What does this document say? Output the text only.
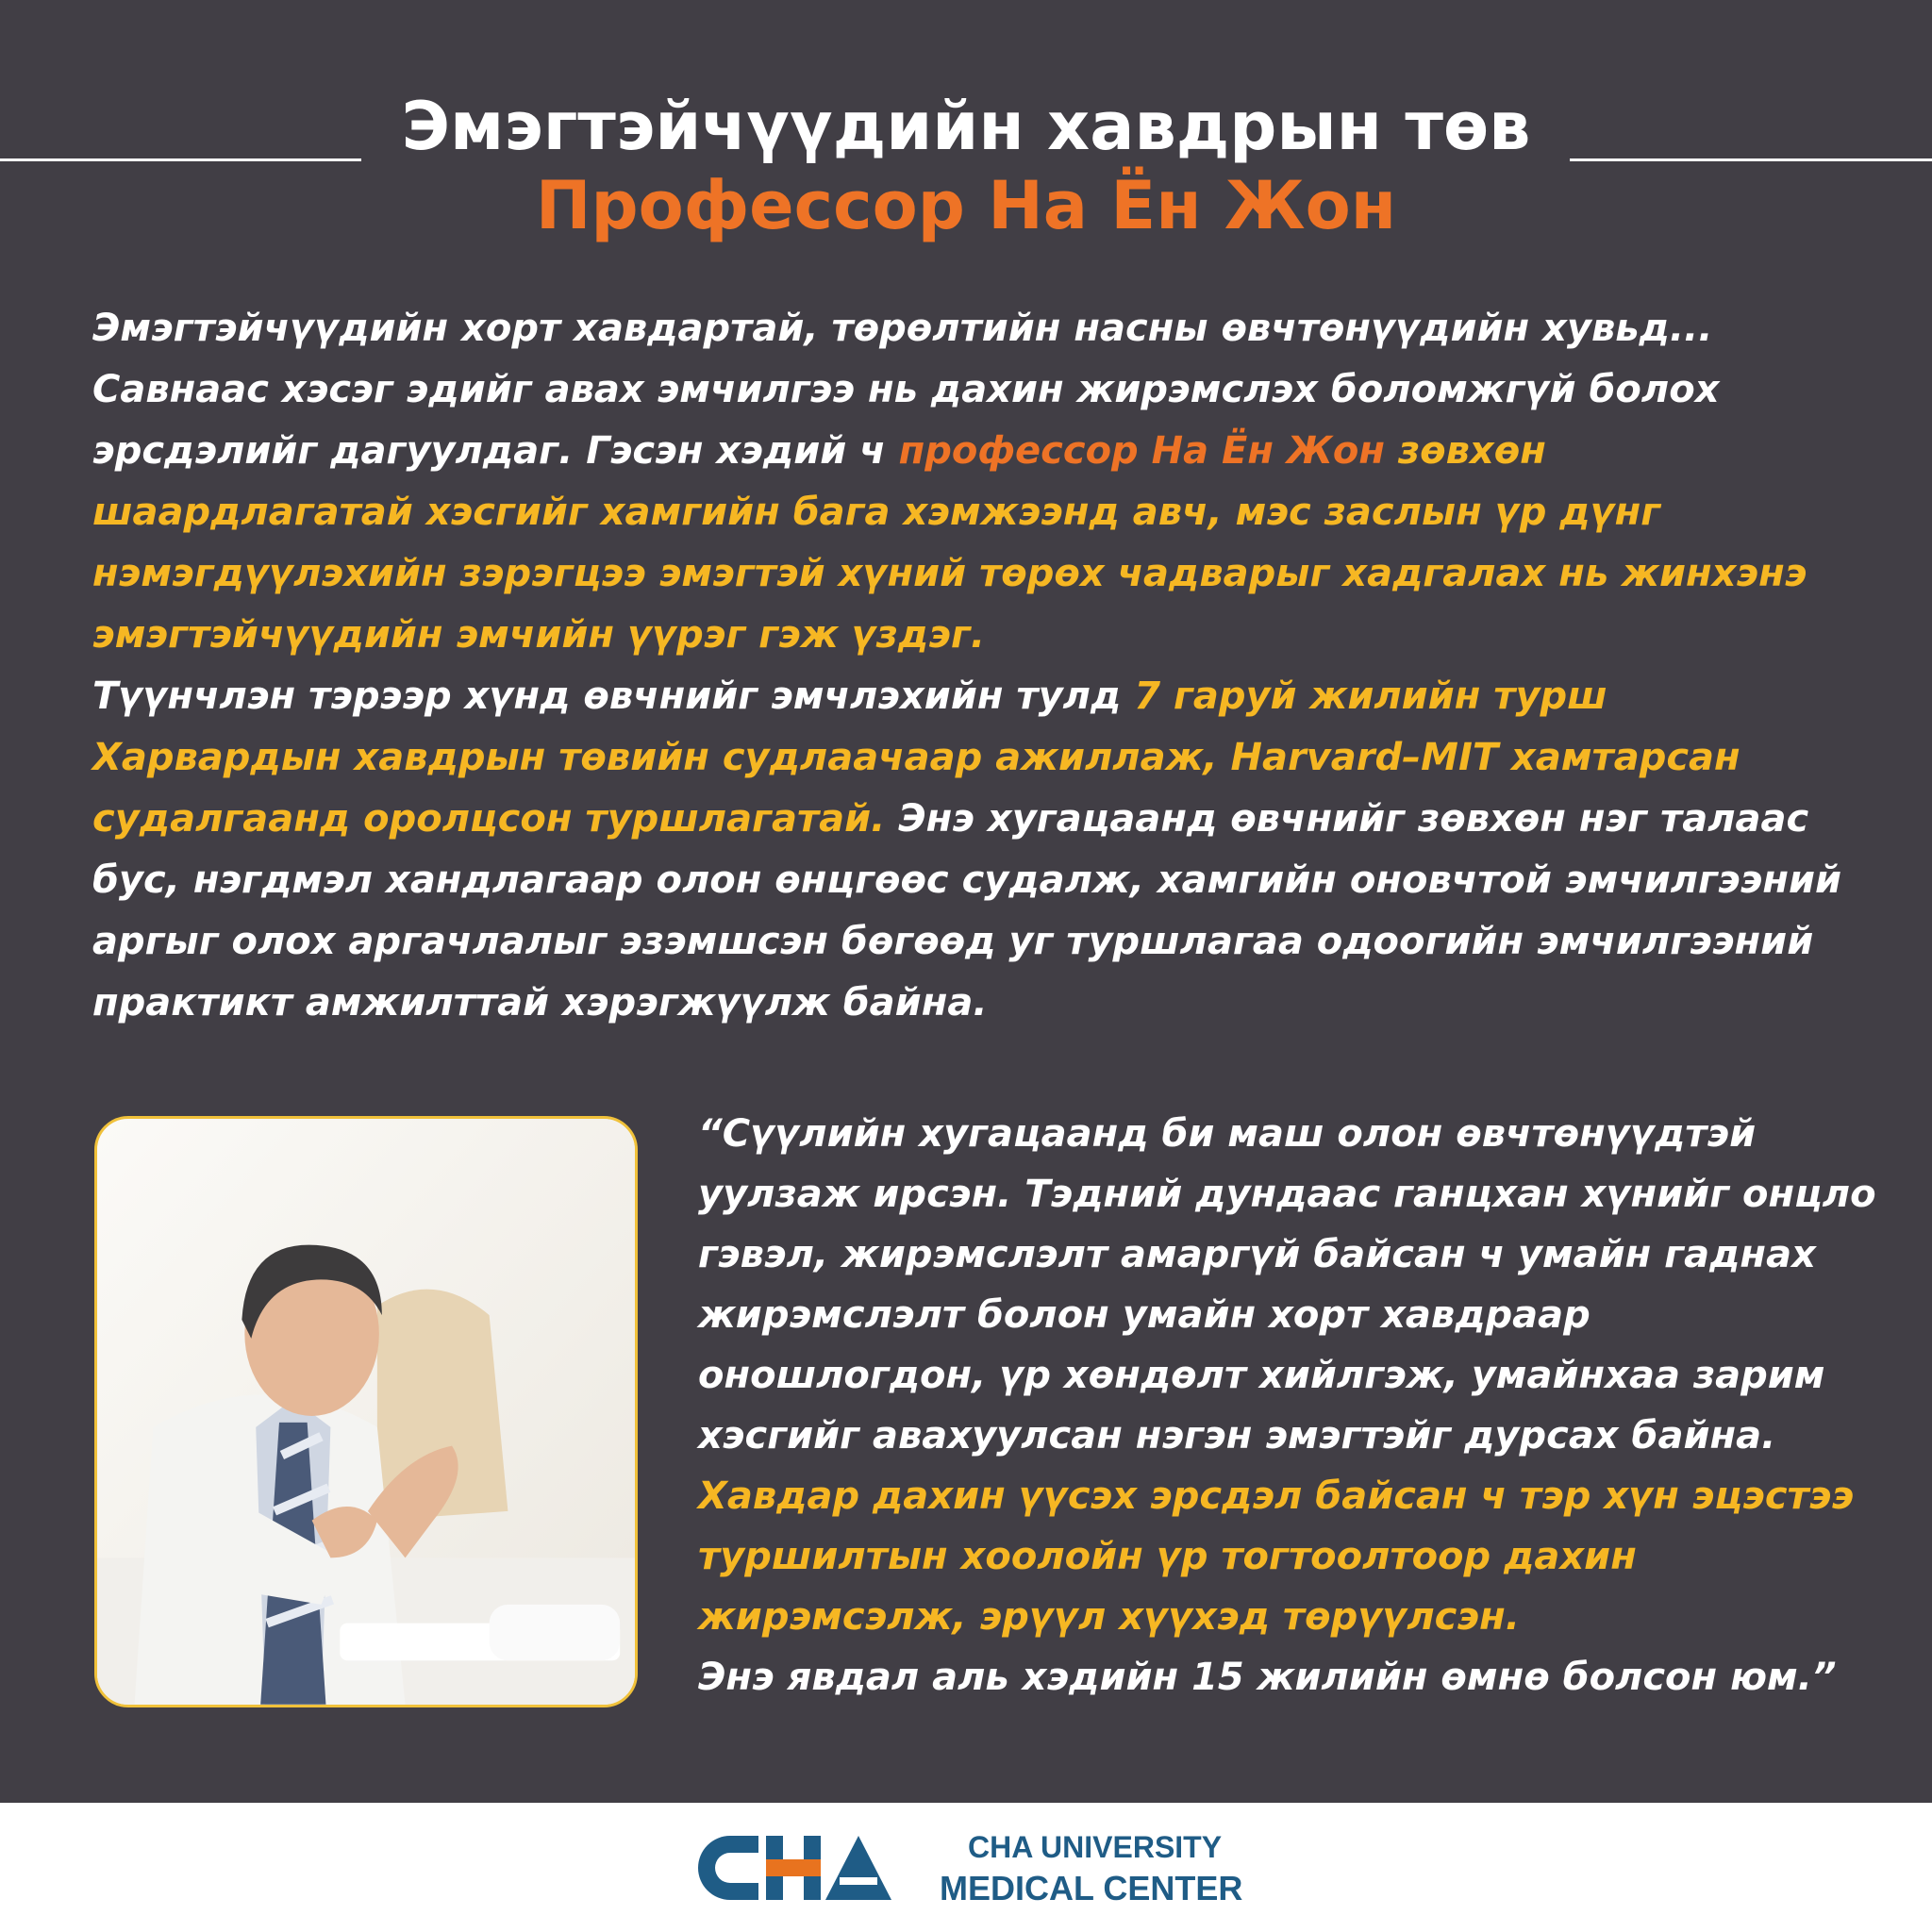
Эмэгтэйчүүдийн хавдрын төв
Профессор На Ён Жон

Эмэгтэйчүүдийн хорт хавдартай, төрөлтийн насны өвчтөнүүдийн хувьд... Савнаас хэсэг эдийг авах эмчилгээ нь дахин жирэмслэх боломжгүй болох эрсдэлийг дагуулдаг. Гэсэн хэдий ч профессор На Ён Жон зөвхөн шаардлагатай хэсгийг хамгийн бага хэмжээнд авч, мэс заслын үр дүнг нэмэгдүүлэхийн зэрэгцээ эмэгтэй хүний төрөх чадварыг хадгалах нь жинхэнэ эмэгтэйчүүдийн эмчийн үүрэг гэж үздэг.
Түүнчлэн тэрээр хүнд өвчнийг эмчлэхийн тулд 7 гаруй жилийн турш Харвардын хавдрын төвийн судлаачаар ажиллаж, Harvard–MIT хамтарсан судалгаанд оролцсон туршлагатай. Энэ хугацаанд өвчнийг зөвхөн нэг талаас бус, нэгдмэл хандлагаар олон өнцгөөс судалж, хамгийн оновчтой эмчилгээний аргыг олох аргачлалыг эзэмшсэн бөгөөд уг туршлагаа одоогийн эмчилгээний практикт амжилттай хэрэгжүүлж байна.

“Сүүлийн хугацаанд би маш олон өвчтөнүүдтэй уулзаж ирсэн. Тэдний дундаас ганцхан хүнийг онцло гэвэл, жирэмслэлт амаргүй байсан ч умайн гаднах жирэмслэлт болон умайн хорт хавдраар оношлогдон, үр хөндөлт хийлгэж, умайнхаа зарим хэсгийг авахуулсан нэгэн эмэгтэйг дурсах байна.
Хавдар дахин үүсэх эрсдэл байсан ч тэр хүн эцэстээ туршилтын хоолойн үр тогтоолтоор дахин жирэмсэлж, эрүүл хүүхэд төрүүлсэн.
Энэ явдал аль хэдийн 15 жилийн өмнө болсон юм.”

CHA UNIVERSITY
MEDICAL CENTER
